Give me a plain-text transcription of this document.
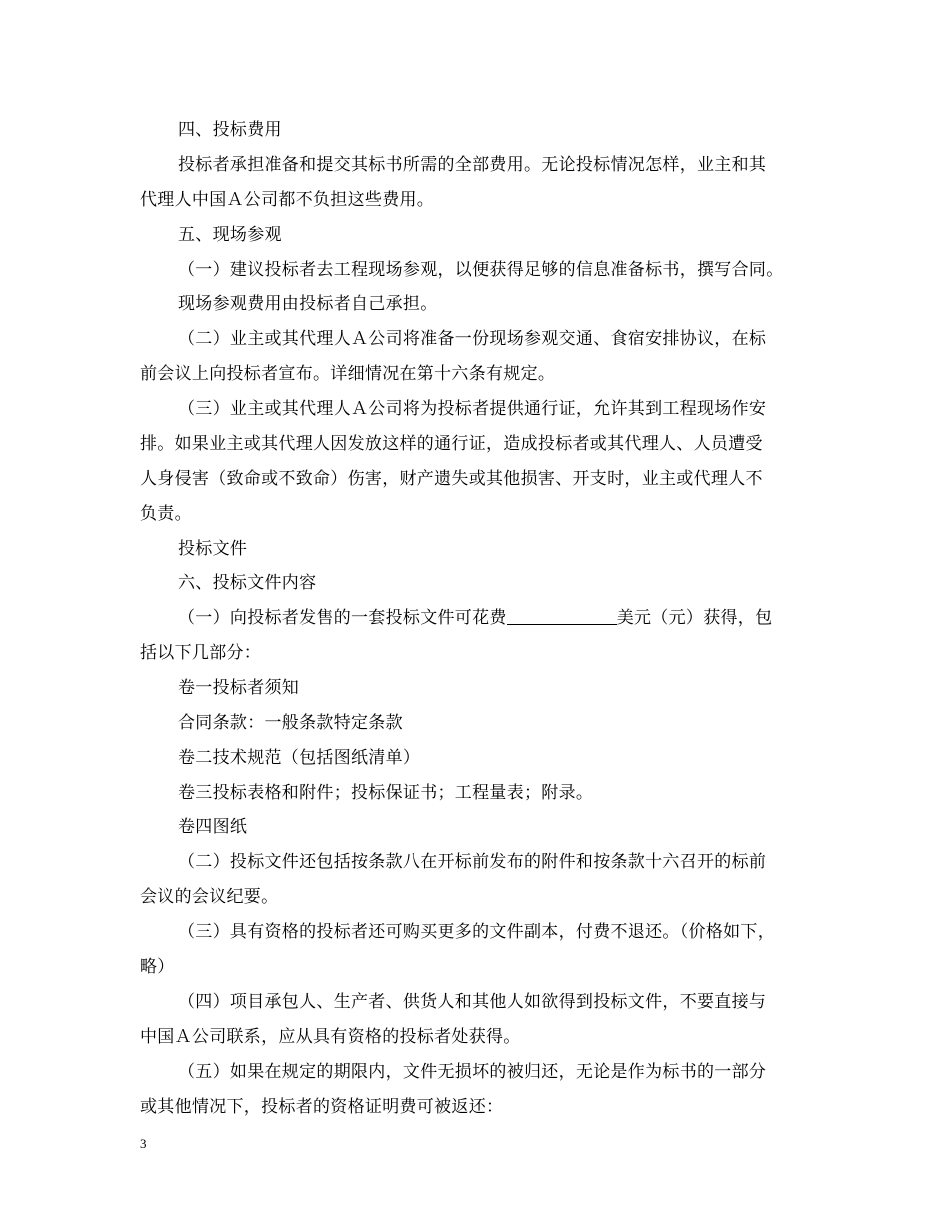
四、投标费用
投标者承担准备和提交其标书所需的全部费用。无论投标情况怎样，业主和其
代理人中国Ａ公司都不负担这些费用。
五、现场参观
（一）建议投标者去工程现场参观，以便获得足够的信息准备标书，撰写合同。
现场参观费用由投标者自己承担。
（二）业主或其代理人Ａ公司将准备一份现场参观交通、食宿安排协议，在标
前会议上向投标者宣布。详细情况在第十六条有规定。
（三）业主或其代理人Ａ公司将为投标者提供通行证，允许其到工程现场作安
排。如果业主或其代理人因发放这样的通行证，造成投标者或其代理人、人员遭受
人身侵害（致命或不致命）伤害，财产遗失或其他损害、开支时，业主或代理人不
负责。
投标文件
六、投标文件内容
（一）向投标者发售的一套投标文件可花费	美元（元）获得，包
括以下几部分：
卷一投标者须知
合同条款：一般条款特定条款
卷二技术规范（包括图纸清单）
卷三投标表格和附件；投标保证书；工程量表；附录。
卷四图纸
（二）投标文件还包括按条款八在开标前发布的附件和按条款十六召开的标前
会议的会议纪要。
（三）具有资格的投标者还可购买更多的文件副本，付费不退还。（价格如下，
略）
（四）项目承包人、生产者、供货人和其他人如欲得到投标文件，不要直接与
中国Ａ公司联系，应从具有资格的投标者处获得。
（五）如果在规定的期限内，文件无损坏的被归还，无论是作为标书的一部分
或其他情况下，投标者的资格证明费可被返还：
3
